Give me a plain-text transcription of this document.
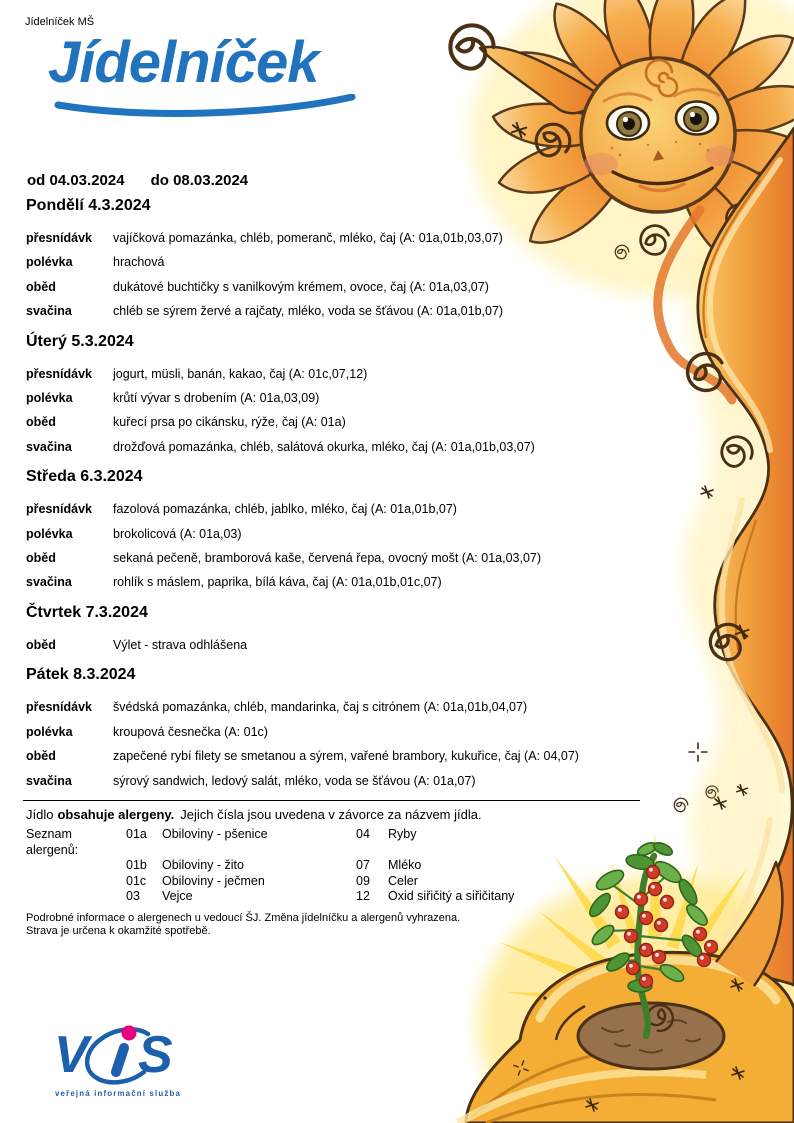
Jídelníček MŠ
Jídelníček
od 04.03.2024 do 08.03.2024
Pondělí 4.3.2024
přesnídávk	vajíčková pomazánka, chléb, pomeranč, mléko, čaj (A: 01a,01b,03,07)
polévka	hrachová
oběd	dukátové buchtičky s vanilkovým krémem, ovoce, čaj (A: 01a,03,07)
svačina	chléb se sýrem žervé a rajčaty, mléko, voda se šťávou (A: 01a,01b,07)
Úterý 5.3.2024
přesnídávk	jogurt, müsli, banán, kakao, čaj (A: 01c,07,12)
polévka	krůtí vývar s drobením (A: 01a,03,09)
oběd	kuřecí prsa po cikánsku, rýže, čaj (A: 01a)
svačina	drožďová pomazánka, chléb, salátová okurka, mléko, čaj (A: 01a,01b,03,07)
Středa 6.3.2024
přesnídávk	fazolová pomazánka, chléb, jablko, mléko, čaj (A: 01a,01b,07)
polévka	brokolicová (A: 01a,03)
oběd	sekaná pečeně, bramborová kaše, červená řepa, ovocný mošt (A: 01a,03,07)
svačina	rohlík s máslem, paprika, bílá káva, čaj (A: 01a,01b,01c,07)
Čtvrtek 7.3.2024
oběd	Výlet - strava odhlášena
Pátek 8.3.2024
přesnídávk	švédská pomazánka, chléb, mandarinka, čaj s citrónem (A: 01a,01b,04,07)
polévka	kroupová česnečka (A: 01c)
oběd	zapečené rybí filety se smetanou a sýrem, vařené brambory, kukuřice, čaj (A: 04,07)
svačina	sýrový sandwich, ledový salát, mléko, voda se šťávou (A: 01a,07)
Jídlo obsahuje alergeny. Jejich čísla jsou uvedena v závorce za názvem jídla.
Seznam alergenů:
01a	Obiloviny - pšenice	04	Ryby
01b	Obiloviny - žito	07	Mléko
01c	Obiloviny - ječmen	09	Celer
03	Vejce	12	Oxid siřičitý a siřičitany
Podrobné informace o alergenech u vedoucí ŠJ. Změna jídelníčku a alergenů vyhrazena.
Strava je určena k okamžité spotřebě.
V S
veřejná informační služba
